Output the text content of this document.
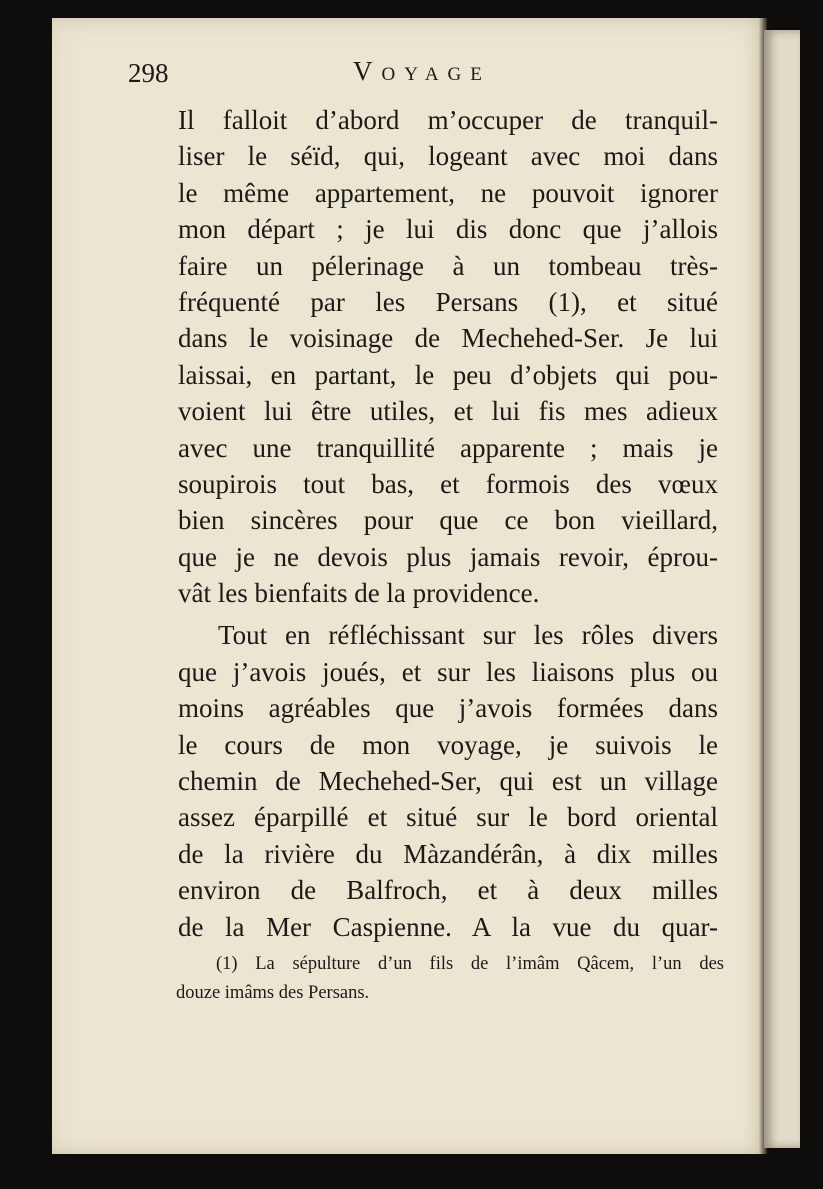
298	Voyage
Il falloit d’abord m’occuper de tranquil-
liser le séïd, qui, logeant avec moi dans
le même appartement, ne pouvoit ignorer
mon départ ; je lui dis donc que j’allois
faire un pélerinage à un tombeau très-
fréquenté par les Persans (1), et situé
dans le voisinage de Mechehed-Ser. Je lui
laissai, en partant, le peu d’objets qui pou-
voient lui être utiles, et lui fis mes adieux
avec une tranquillité apparente ; mais je
soupirois tout bas, et formois des vœux
bien sincères pour que ce bon vieillard,
que je ne devois plus jamais revoir, éprou-
vât les bienfaits de la providence.
Tout en réfléchissant sur les rôles divers
que j’avois joués, et sur les liaisons plus ou
moins agréables que j’avois formées dans
le cours de mon voyage, je suivois le
chemin de Mechehed-Ser, qui est un village
assez éparpillé et situé sur le bord oriental
de la rivière du Màzandérân, à dix milles
environ de Balfroch, et à deux milles
de la Mer Caspienne. A la vue du quar-
(1) La sépulture d’un fils de l’imâm Qâcem, l’un des
douze imâms des Persans.
